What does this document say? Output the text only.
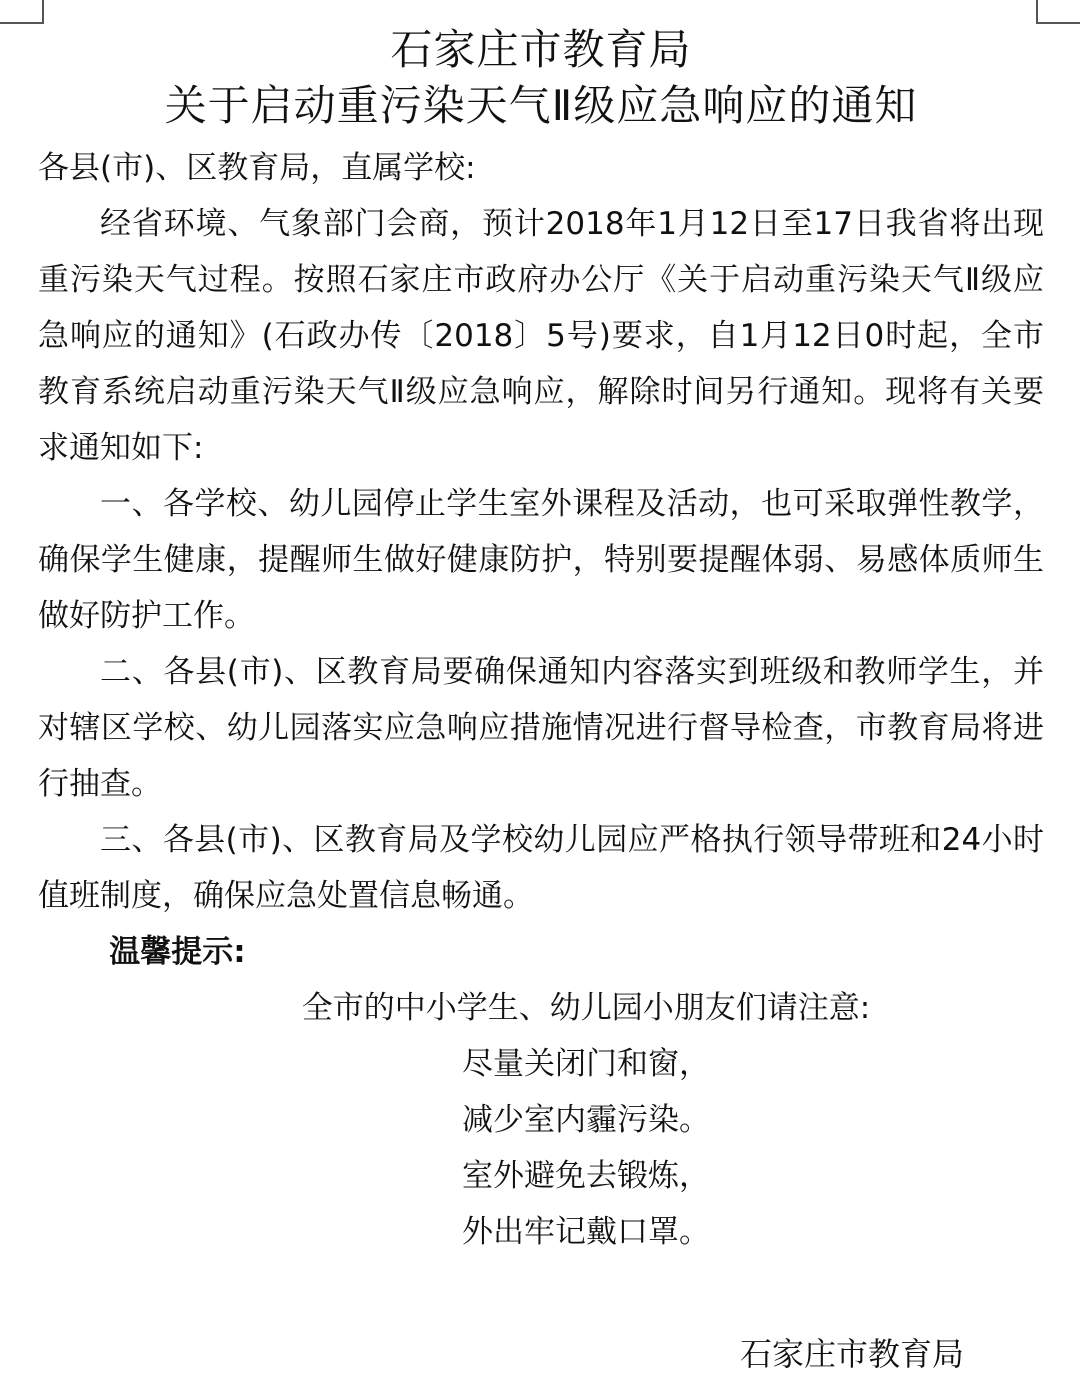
石家庄市教育局
关于启动重污染天气Ⅱ级应急响应的通知
各县(市)、区教育局，直属学校:
经省环境、气象部门会商，预计2018年1月12日至17日我省将出现重污染天气过程。按照石家庄市政府办公厅《关于启动重污染天气Ⅱ级应急响应的通知》(石政办传〔2018〕5号)要求，自1月12日0时起，全市教育系统启动重污染天气Ⅱ级应急响应，解除时间另行通知。现将有关要求通知如下:
一、各学校、幼儿园停止学生室外课程及活动，也可采取弹性教学，确保学生健康，提醒师生做好健康防护，特别要提醒体弱、易感体质师生做好防护工作。
二、各县(市)、区教育局要确保通知内容落实到班级和教师学生，并对辖区学校、幼儿园落实应急响应措施情况进行督导检查，市教育局将进行抽查。
三、各县(市)、区教育局及学校幼儿园应严格执行领导带班和24小时值班制度，确保应急处置信息畅通。
温馨提示:
全市的中小学生、幼儿园小朋友们请注意:
尽量关闭门和窗，
减少室内霾污染。
室外避免去锻炼，
外出牢记戴口罩。
石家庄市教育局
